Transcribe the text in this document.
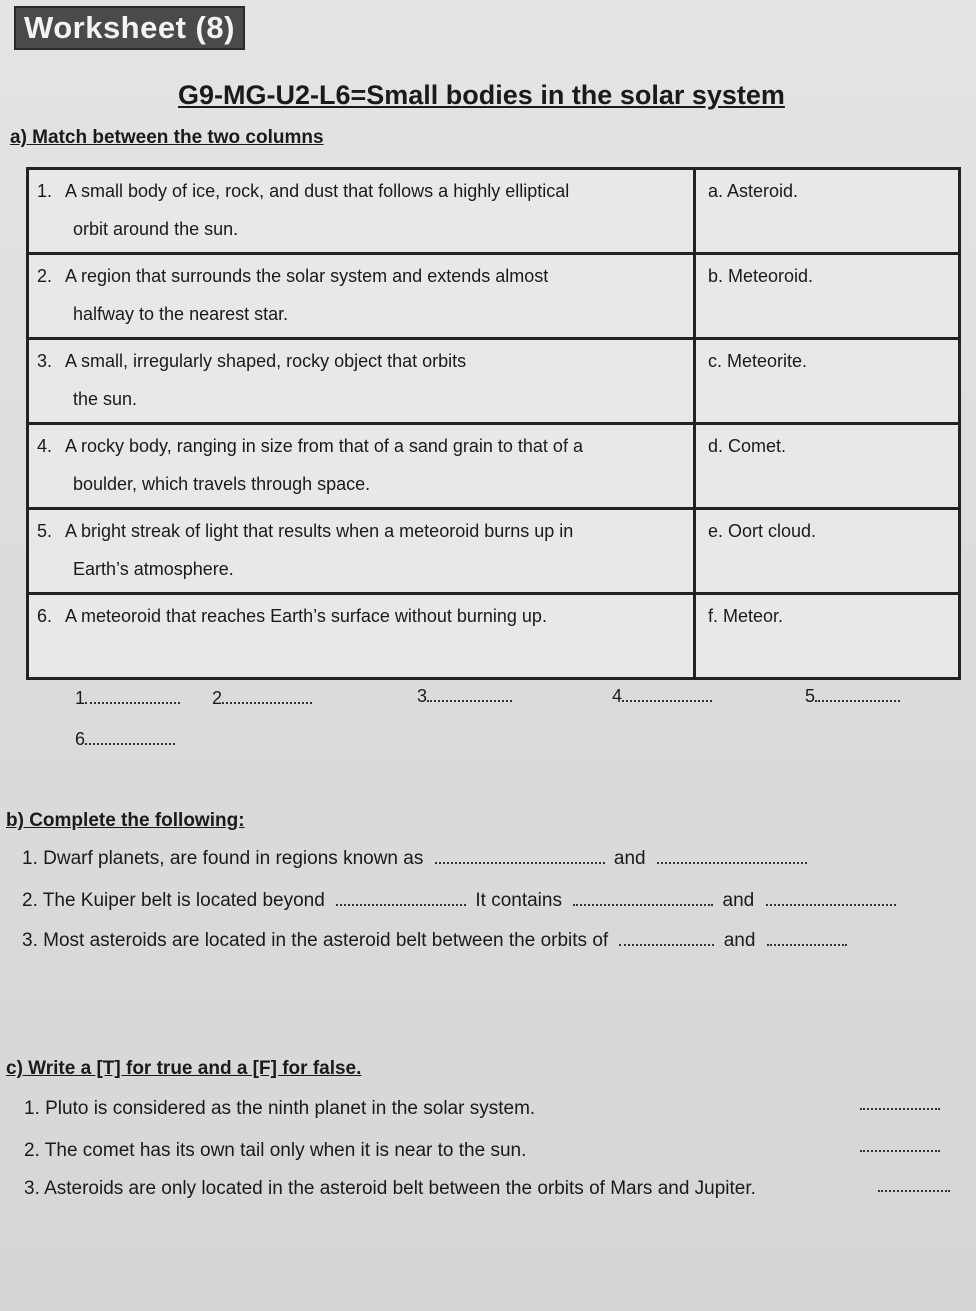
Worksheet (8)
G9-MG-U2-L6=Small bodies in the solar system
a) Match between the two columns
1. A small body of ice, rock, and dust that follows a highly elliptical
orbit around the sun.	a. Asteroid.
2. A region that surrounds the solar system and extends almost
halfway to the nearest star.	b. Meteoroid.
3. A small, irregularly shaped, rocky object that orbits
the sun.	c. Meteorite.
4. A rocky body, ranging in size from that of a sand grain to that of a
boulder, which travels through space.	d. Comet.
5. A bright streak of light that results when a meteoroid burns up in
Earth’s atmosphere.	e. Oort cloud.
6. A meteoroid that reaches Earth’s surface without burning up.	f. Meteor.
1	2	3	4	5
6
b) Complete the following:
1. Dwarf planets, are found in regions known as	and
2. The Kuiper belt is located beyond	It contains	and
3. Most asteroids are located in the asteroid belt between the orbits of	and
c) Write a [T] for true and a [F] for false.
1. Pluto is considered as the ninth planet in the solar system.
2. The comet has its own tail only when it is near to the sun.
3. Asteroids are only located in the asteroid belt between the orbits of Mars and Jupiter.
